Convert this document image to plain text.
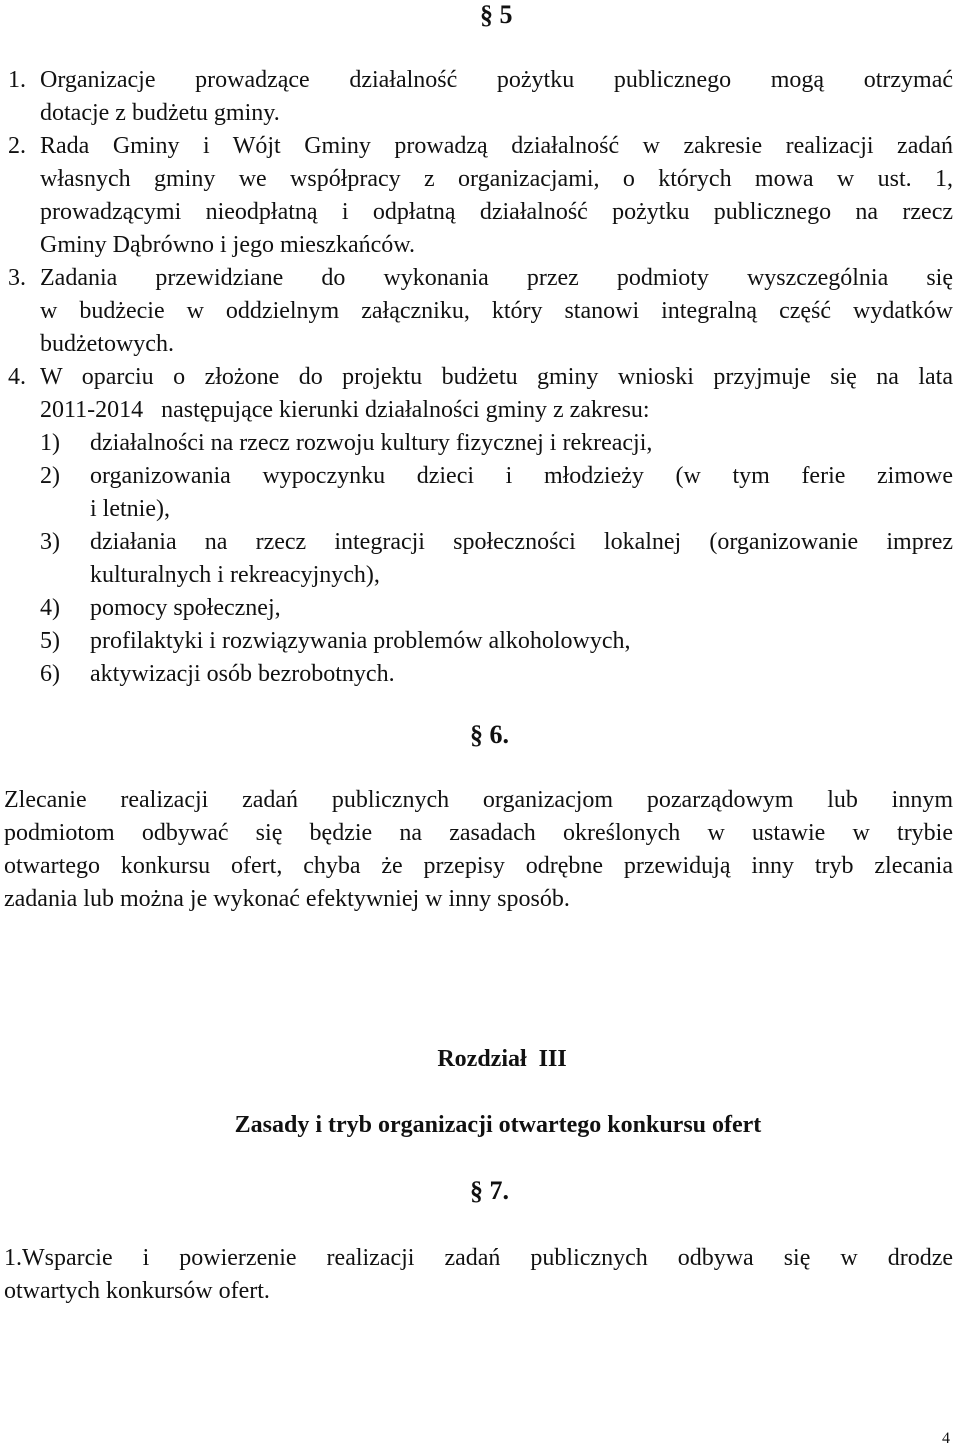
§ 5
1. Organizacje prowadzące działalność pożytku publicznego mogą otrzymać
dotacje z budżetu gminy.
2. Rada Gminy i Wójt Gminy prowadzą działalność w zakresie realizacji zadań
własnych gminy we współpracy z organizacjami, o których mowa w ust. 1,
prowadzącymi nieodpłatną i odpłatną działalność pożytku publicznego na rzecz
Gminy Dąbrówno i jego mieszkańców.
3. Zadania przewidziane do wykonania przez podmioty wyszczególnia się
w budżecie w oddzielnym załączniku, który stanowi integralną część wydatków
budżetowych.
4. W oparciu o złożone do projektu budżetu gminy wnioski przyjmuje się na lata
2011-2014   następujące kierunki działalności gminy z zakresu:
1) działalności na rzecz rozwoju kultury fizycznej i rekreacji,
2) organizowania wypoczynku dzieci i młodzieży (w tym ferie zimowe
i letnie),
3) działania na rzecz integracji społeczności lokalnej (organizowanie imprez
kulturalnych i rekreacyjnych),
4) pomocy społecznej,
5) profilaktyki i rozwiązywania problemów alkoholowych,
6) aktywizacji osób bezrobotnych.
§ 6.
Zlecanie realizacji zadań publicznych organizacjom pozarządowym lub innym
podmiotom odbywać się będzie na zasadach określonych w ustawie w trybie
otwartego konkursu ofert, chyba że przepisy odrębne przewidują inny tryb zlecania
zadania lub można je wykonać efektywniej w inny sposób.
Rozdział  III
Zasady i tryb organizacji otwartego konkursu ofert
§ 7.
1.Wsparcie i powierzenie realizacji zadań publicznych odbywa się w drodze
otwartych konkursów ofert.
4
